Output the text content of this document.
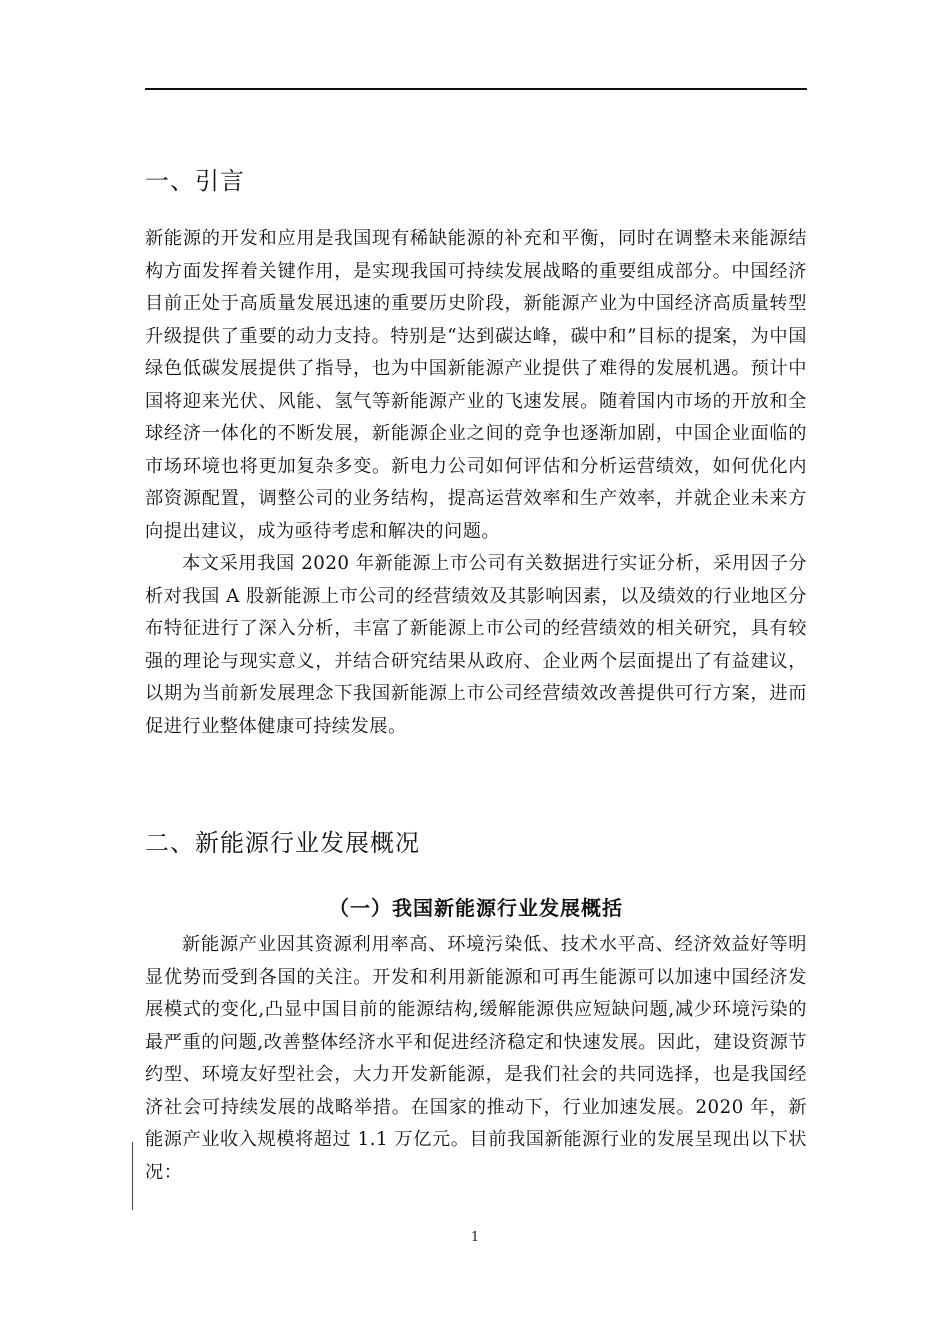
一、引言

新能源的开发和应用是我国现有稀缺能源的补充和平衡，同时在调整未来能源结构方面发挥着关键作用，是实现我国可持续发展战略的重要组成部分。中国经济目前正处于高质量发展迅速的重要历史阶段，新能源产业为中国经济高质量转型升级提供了重要的动力支持。特别是“达到碳达峰，碳中和”目标的提案，为中国绿色低碳发展提供了指导，也为中国新能源产业提供了难得的发展机遇。预计中国将迎来光伏、风能、氢气等新能源产业的飞速发展。随着国内市场的开放和全球经济一体化的不断发展，新能源企业之间的竞争也逐渐加剧，中国企业面临的市场环境也将更加复杂多变。新电力公司如何评估和分析运营绩效，如何优化内部资源配置，调整公司的业务结构，提高运营效率和生产效率，并就企业未来方向提出建议，成为亟待考虑和解决的问题。

本文采用我国 2020 年新能源上市公司有关数据进行实证分析，采用因子分析对我国 A 股新能源上市公司的经营绩效及其影响因素，以及绩效的行业地区分布特征进行了深入分析，丰富了新能源上市公司的经营绩效的相关研究，具有较强的理论与现实意义，并结合研究结果从政府、企业两个层面提出了有益建议，以期为当前新发展理念下我国新能源上市公司经营绩效改善提供可行方案，进而促进行业整体健康可持续发展。

二、新能源行业发展概况
（一）我国新能源行业发展概括

新能源产业因其资源利用率高、环境污染低、技术水平高、经济效益好等明显优势而受到各国的关注。开发和利用新能源和可再生能源可以加速中国经济发展模式的变化,凸显中国目前的能源结构,缓解能源供应短缺问题,减少环境污染的最严重的问题,改善整体经济水平和促进经济稳定和快速发展。因此，建设资源节约型、环境友好型社会，大力开发新能源，是我们社会的共同选择，也是我国经济社会可持续发展的战略举措。在国家的推动下，行业加速发展。2020 年，新能源产业收入规模将超过 1.1 万亿元。目前我国新能源行业的发展呈现出以下状况：

1
